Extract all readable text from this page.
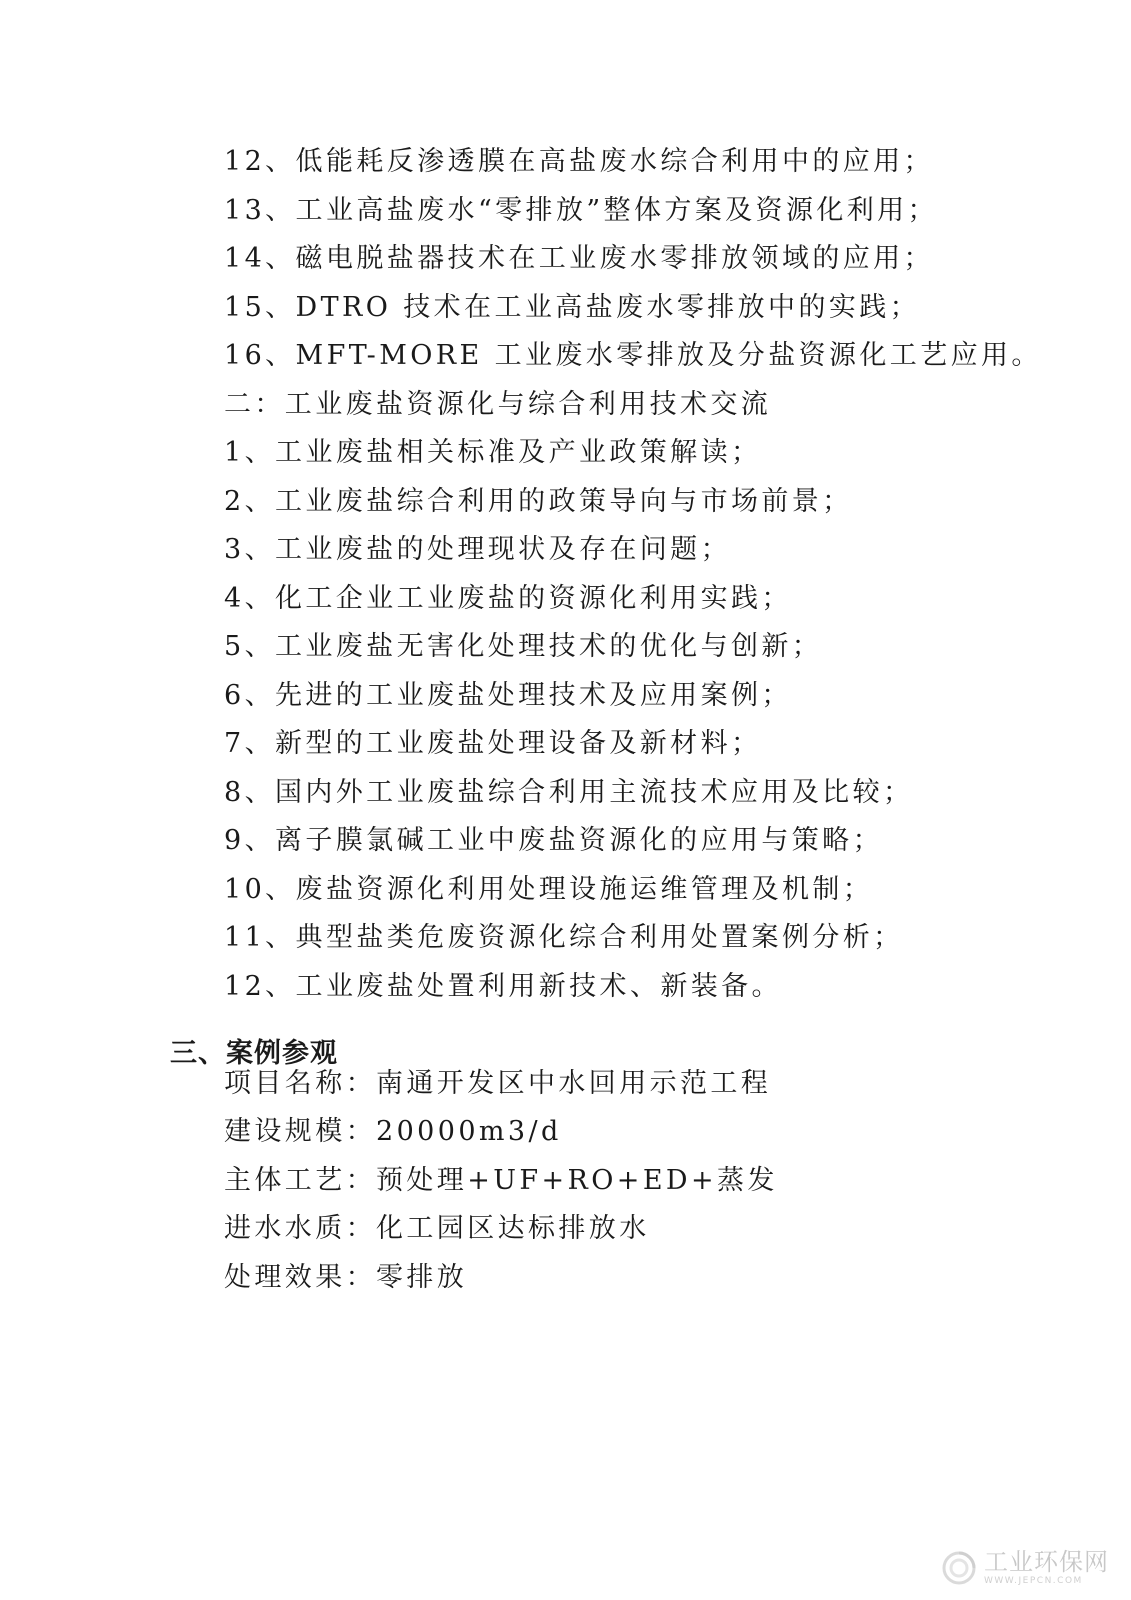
12、低能耗反渗透膜在高盐废水综合利用中的应用；
13、工业高盐废水“零排放”整体方案及资源化利用；
14、磁电脱盐器技术在工业废水零排放领域的应用；
15、DTRO 技术在工业高盐废水零排放中的实践；
16、MFT-MORE 工业废水零排放及分盐资源化工艺应用。
二：工业废盐资源化与综合利用技术交流
1、工业废盐相关标准及产业政策解读；
2、工业废盐综合利用的政策导向与市场前景；
3、工业废盐的处理现状及存在问题；
4、化工企业工业废盐的资源化利用实践；
5、工业废盐无害化处理技术的优化与创新；
6、先进的工业废盐处理技术及应用案例；
7、新型的工业废盐处理设备及新材料；
8、国内外工业废盐综合利用主流技术应用及比较；
9、离子膜氯碱工业中废盐资源化的应用与策略；
10、废盐资源化利用处理设施运维管理及机制；
11、典型盐类危废资源化综合利用处置案例分析；
12、工业废盐处置利用新技术、新装备。
三、案例参观
项目名称：南通开发区中水回用示范工程
建设规模：20000m3/d
主体工艺：预处理+UF+RO+ED+蒸发
进水水质：化工园区达标排放水
处理效果：零排放
工业环保网
WWW.JEPCN.COM
